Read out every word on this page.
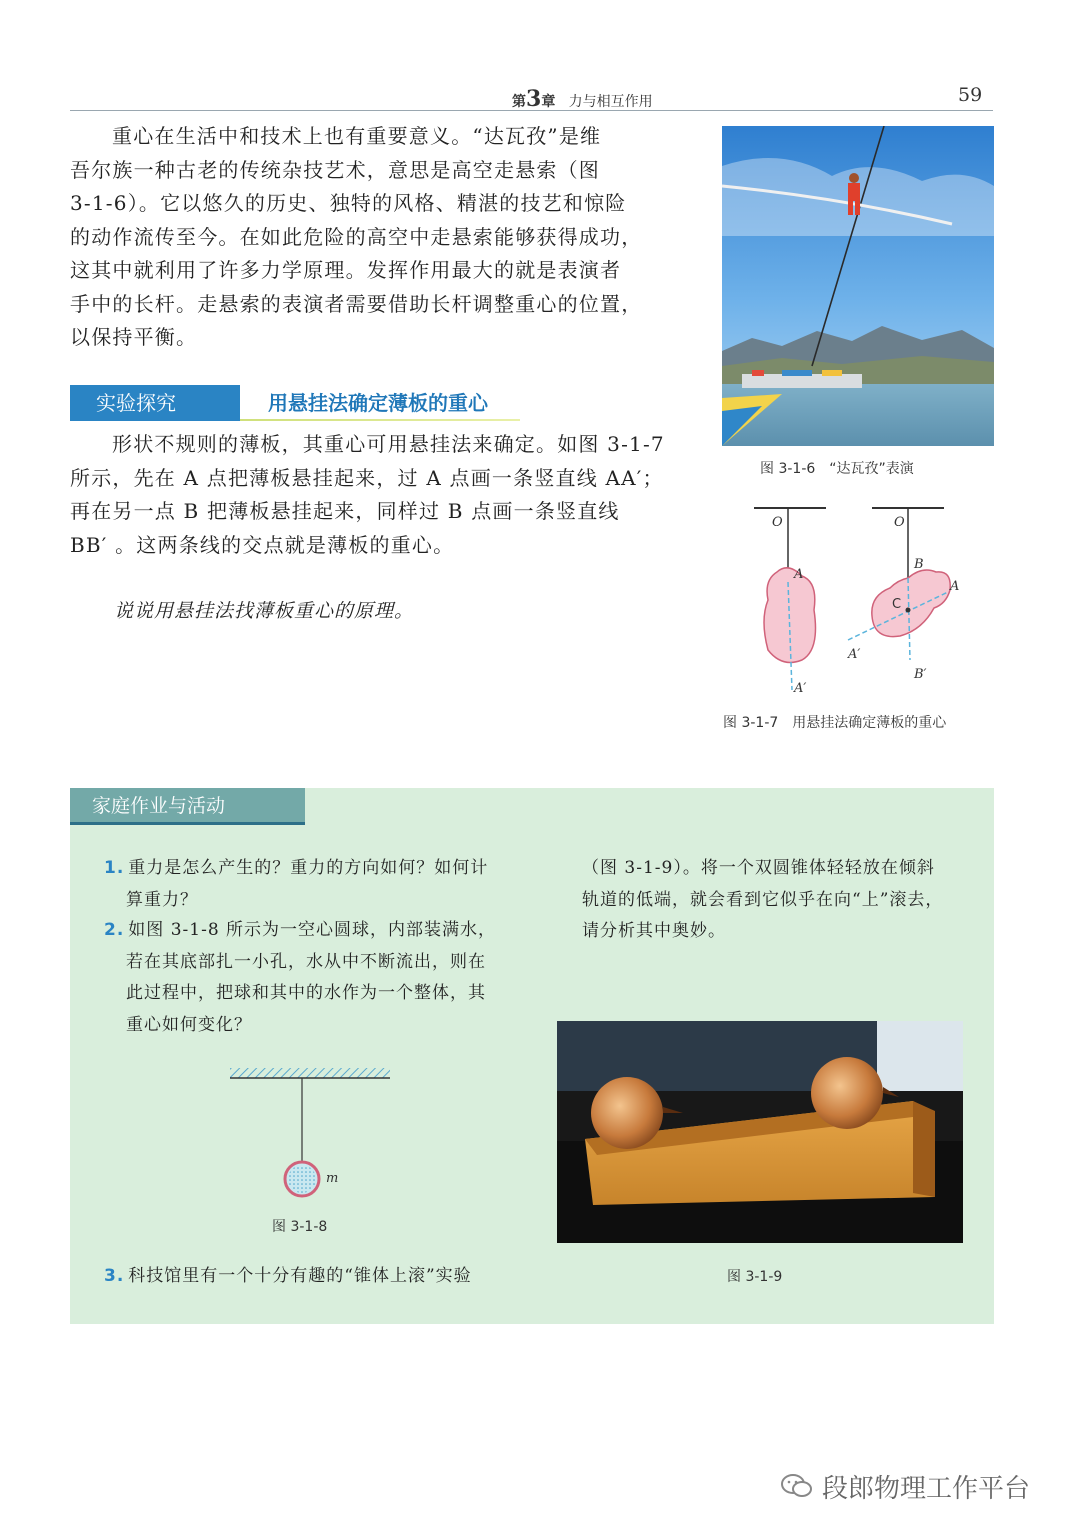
第3章 力与相互作用	59
重心在生活中和技术上也有重要意义。“达瓦孜”是维
吾尔族一种古老的传统杂技艺术，意思是高空走悬索（图
3-1-6）。它以悠久的历史、独特的风格、精湛的技艺和惊险
的动作流传至今。在如此危险的高空中走悬索能够获得成功，
这其中就利用了许多力学原理。发挥作用最大的就是表演者
手中的长杆。走悬索的表演者需要借助长杆调整重心的位置，
以保持平衡。
图 3-1-6　“达瓦孜”表演
实验探究	用悬挂法确定薄板的重心
形状不规则的薄板，其重心可用悬挂法来确定。如图 3-1-7
所示，先在 A 点把薄板悬挂起来，过 A 点画一条竖直线 AA′；
再在另一点 B 把薄板悬挂起来，同样过 B 点画一条竖直线
BB′ 。这两条线的交点就是薄板的重心。
说说用悬挂法找薄板重心的原理。
O
A
A′
O
B
A
C
A′
B′
图 3-1-7　用悬挂法确定薄板的重心
家庭作业与活动
1. 重力是怎么产生的？重力的方向如何？如何计
算重力？
2. 如图 3-1-8 所示为一空心圆球，内部装满水，
若在其底部扎一小孔，水从中不断流出，则在
此过程中，把球和其中的水作为一个整体，其
重心如何变化？
3. 科技馆里有一个十分有趣的“锥体上滚”实验
（图 3-1-9）。将一个双圆锥体轻轻放在倾斜
轨道的低端，就会看到它似乎在向“上”滚去，
请分析其中奥妙。
m
图 3-1-8
图 3-1-9
段郎物理工作平台
